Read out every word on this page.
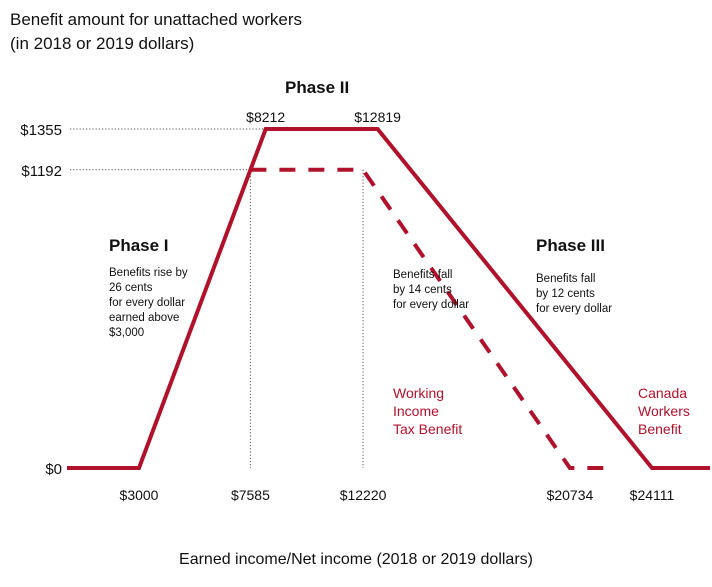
Benefit amount for unattached workers
(in 2018 or 2019 dollars)
$0
$1192
$1355
$3000	$7585	$12220	$20734	$24111
$8212	$12819
Phase II
Phase I	Phase III
Benefits rise by
26 cents
for every dollar
earned above
$3,000
Benefits fall
by 14 cents
for every dollar
Benefits fall
by 12 cents
for every dollar
Working
Income
Tax Benefit
Canada
Workers
Benefit
Earned income/Net income (2018 or 2019 dollars)
